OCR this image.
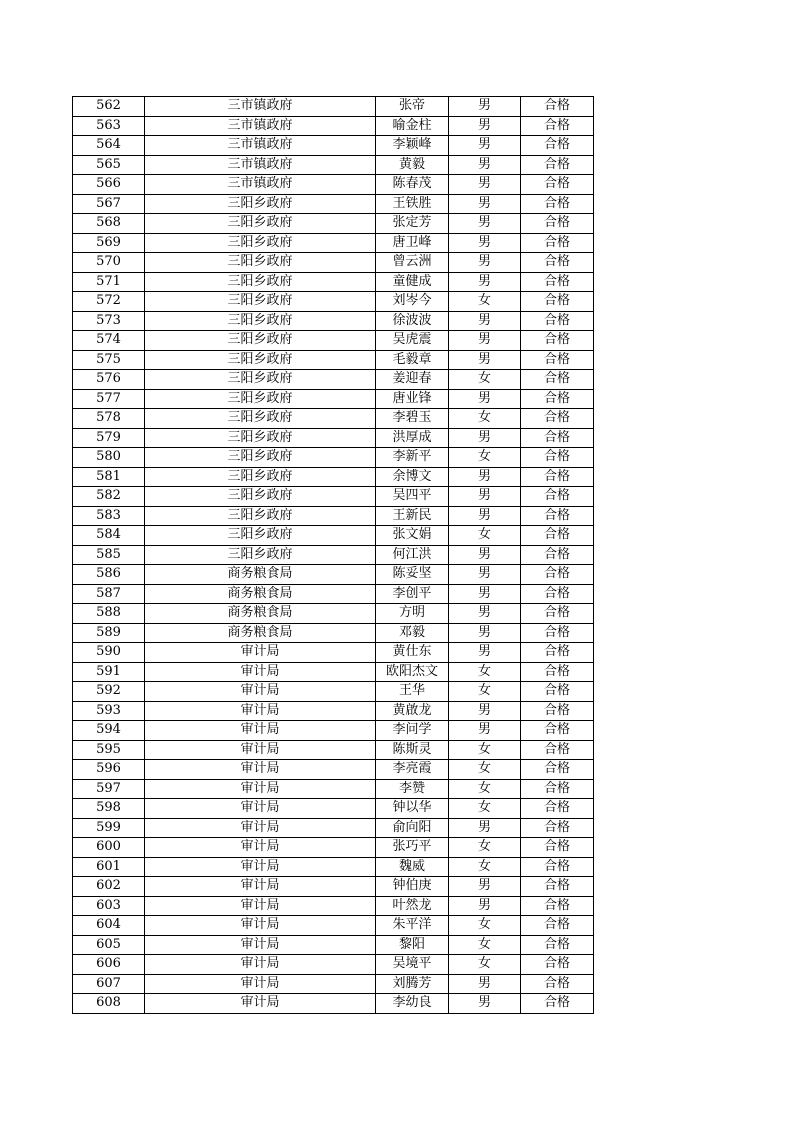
562	三市镇政府	张帝	男	合格
563	三市镇政府	喻金柱	男	合格
564	三市镇政府	李颖峰	男	合格
565	三市镇政府	黄毅	男	合格
566	三市镇政府	陈春茂	男	合格
567	三阳乡政府	王铁胜	男	合格
568	三阳乡政府	张定芳	男	合格
569	三阳乡政府	唐卫峰	男	合格
570	三阳乡政府	曾云洲	男	合格
571	三阳乡政府	童健成	男	合格
572	三阳乡政府	刘岑今	女	合格
573	三阳乡政府	徐波波	男	合格
574	三阳乡政府	吴虎震	男	合格
575	三阳乡政府	毛毅章	男	合格
576	三阳乡政府	姜迎春	女	合格
577	三阳乡政府	唐业锋	男	合格
578	三阳乡政府	李碧玉	女	合格
579	三阳乡政府	洪厚成	男	合格
580	三阳乡政府	李新平	女	合格
581	三阳乡政府	余博文	男	合格
582	三阳乡政府	吴四平	男	合格
583	三阳乡政府	王新民	男	合格
584	三阳乡政府	张文娟	女	合格
585	三阳乡政府	何江洪	男	合格
586	商务粮食局	陈妥坚	男	合格
587	商务粮食局	李创平	男	合格
588	商务粮食局	方明	男	合格
589	商务粮食局	邓毅	男	合格
590	审计局	黄仕东	男	合格
591	审计局	欧阳杰文	女	合格
592	审计局	王华	女	合格
593	审计局	黄啟龙	男	合格
594	审计局	李问学	男	合格
595	审计局	陈斯灵	女	合格
596	审计局	李亮霞	女	合格
597	审计局	李赞	女	合格
598	审计局	钟以华	女	合格
599	审计局	俞向阳	男	合格
600	审计局	张巧平	女	合格
601	审计局	魏威	女	合格
602	审计局	钟伯庚	男	合格
603	审计局	叶然龙	男	合格
604	审计局	朱平洋	女	合格
605	审计局	黎阳	女	合格
606	审计局	吴境平	女	合格
607	审计局	刘腾芳	男	合格
608	审计局	李幼良	男	合格
